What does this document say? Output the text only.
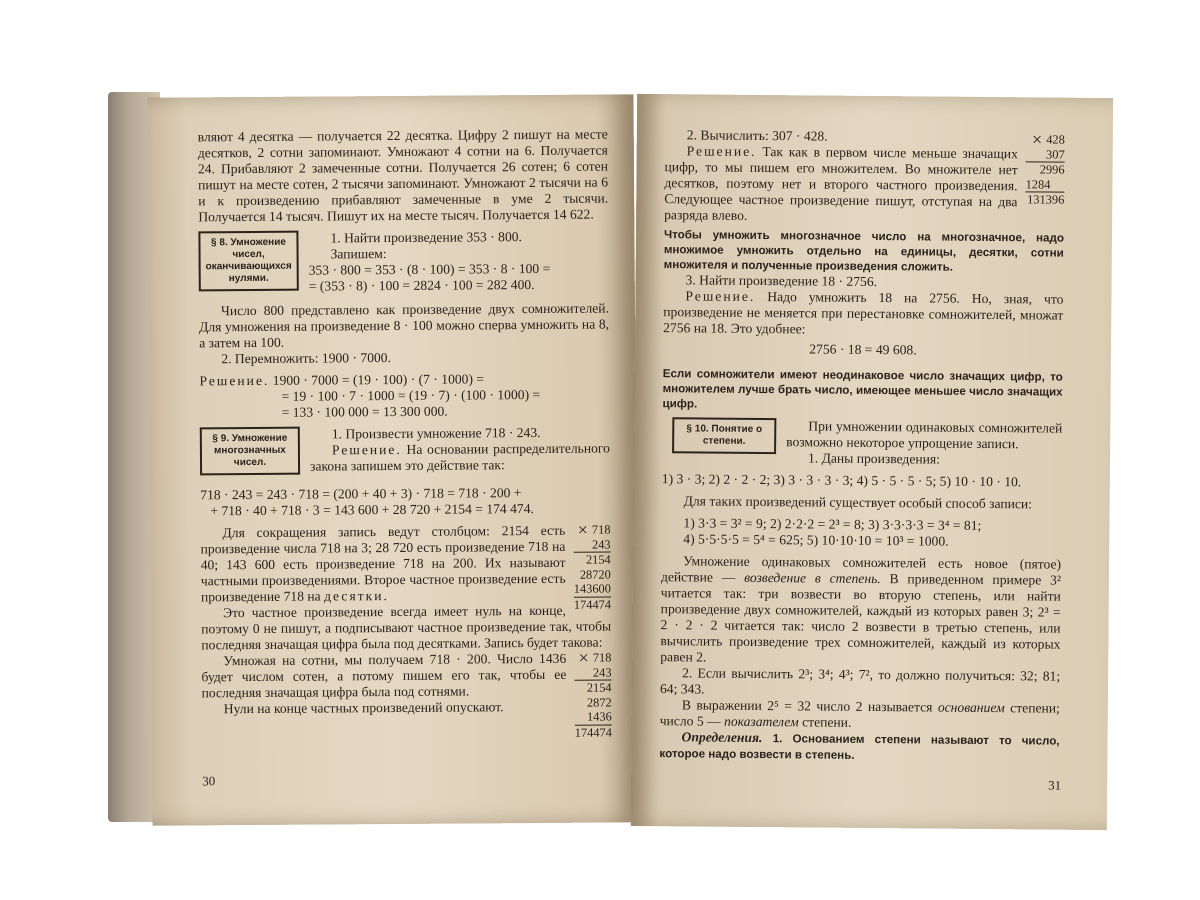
вляют 4 десятка — получается 22 десятка. Цифру 2 пишут на месте десятков, 2 сотни запоминают. Умножают 4 сотни на 6. Получается 24. Прибавляют 2 замеченные сотни. Получается 26 сотен; 6 сотен пишут на месте сотен, 2 тысячи запоминают. Умножают 2 тысячи на 6 и к произведению прибавляют замеченные в уме 2 тысячи. Получается 14 тысяч. Пишут их на месте тысяч. Получается 14 622.

§ 8. Умножение чисел, оканчивающихся нулями.

1. Найти произведение 353 · 800.

Запишем:

353 · 800 = 353 · (8 · 100) = 353 · 8 · 100 =

= (353 · 8) · 100 = 2824 · 100 = 282 400.

Число 800 представлено как произведение двух сомножителей. Для умножения на произведение 8 · 100 можно сперва умножить на 8, а затем на 100.

2. Перемножить: 1900 · 7000.

Решение. 1900 · 7000 = (19 · 100) · (7 · 1000) =

= 19 · 100 · 7 · 1000 = (19 · 7) · (100 · 1000) =

= 133 · 100 000 = 13 300 000.

§ 9. Умножение многозначных чисел.

1. Произвести умножение 718 · 243.

Решение. На основании распределительного закона запишем это действие так:

718 · 243 = 243 · 718 = (200 + 40 + 3) · 718 = 718 · 200 +

+ 718 · 40 + 718 · 3 = 143 600 + 28 720 + 2154 = 174 474.

× 718
243
2154
28720
143600
174474

Для сокращения запись ведут столбцом: 2154 есть произведение числа 718 на 3; 28 720 есть произведение 718 на 40; 143 600 есть произведение 718 на 200. Их называют частными произведениями. Второе частное произведение есть произведение 718 на десятки.

Это частное произведение всегда имеет нуль на конце, поэтому 0 не пишут, а подписывают частное произведение так, чтобы последняя значащая цифра была под десятками. Запись будет такова:

× 718
243
2154
2872
1436
174474

Умножая на сотни, мы получаем 718 · 200. Число 1436 будет числом сотен, а потому пишем его так, чтобы ее последняя значащая цифра была под сотнями.

Нули на конце частных произведений опускают.

30
× 428
307
2996
1284
131396

2. Вычислить: 307 · 428.

Решение. Так как в первом числе меньше значащих цифр, то мы пишем его множителем. Во множителе нет десятков, поэтому нет и второго частного произведения. Следующее частное произведение пишут, отступая на два разряда влево.

Чтобы умножить многозначное число на многозначное, надо множимое умножить отдельно на единицы, десятки, сотни множителя и полученные произведения сложить.

3. Найти произведение 18 · 2756.

Решение. Надо умножить 18 на 2756. Но, зная, что произведение не меняется при перестановке сомножителей, множат 2756 на 18. Это удобнее:

2756 · 18 = 49 608.

Если сомножители имеют неодинаковое число значащих цифр, то множителем лучше брать число, имеющее меньшее число значащих цифр.

§ 10. Понятие о степени.

При умножении одинаковых сомножителей возможно некоторое упрощение записи.

1. Даны произведения:

1) 3 · 3; 2) 2 · 2 · 2; 3) 3 · 3 · 3 · 3; 4) 5 · 5 · 5 · 5; 5) 10 · 10 · 10.

Для таких произведений существует особый способ записи:

1) 3·3 = 3² = 9; 2) 2·2·2 = 2³ = 8; 3) 3·3·3·3 = 3⁴ = 81;

4) 5·5·5·5 = 5⁴ = 625; 5) 10·10·10 = 10³ = 1000.

Умножение одинаковых сомножителей есть новое (пятое) действие — возведение в степень. В приведенном примере 3² читается так: три возвести во вторую степень, или найти произведение двух сомножителей, каждый из которых равен 3; 2³ = 2 · 2 · 2 читается так: число 2 возвести в третью степень, или вычислить произведение трех сомножителей, каждый из которых равен 2.

2. Если вычислить 2³; 3⁴; 4³; 7², то должно получиться: 32; 81; 64; 343.

В выражении 2⁵ = 32 число 2 называется основанием степени; число 5 — показателем степени.

Определения. 1. Основанием степени называют то число, которое надо возвести в степень.

31
